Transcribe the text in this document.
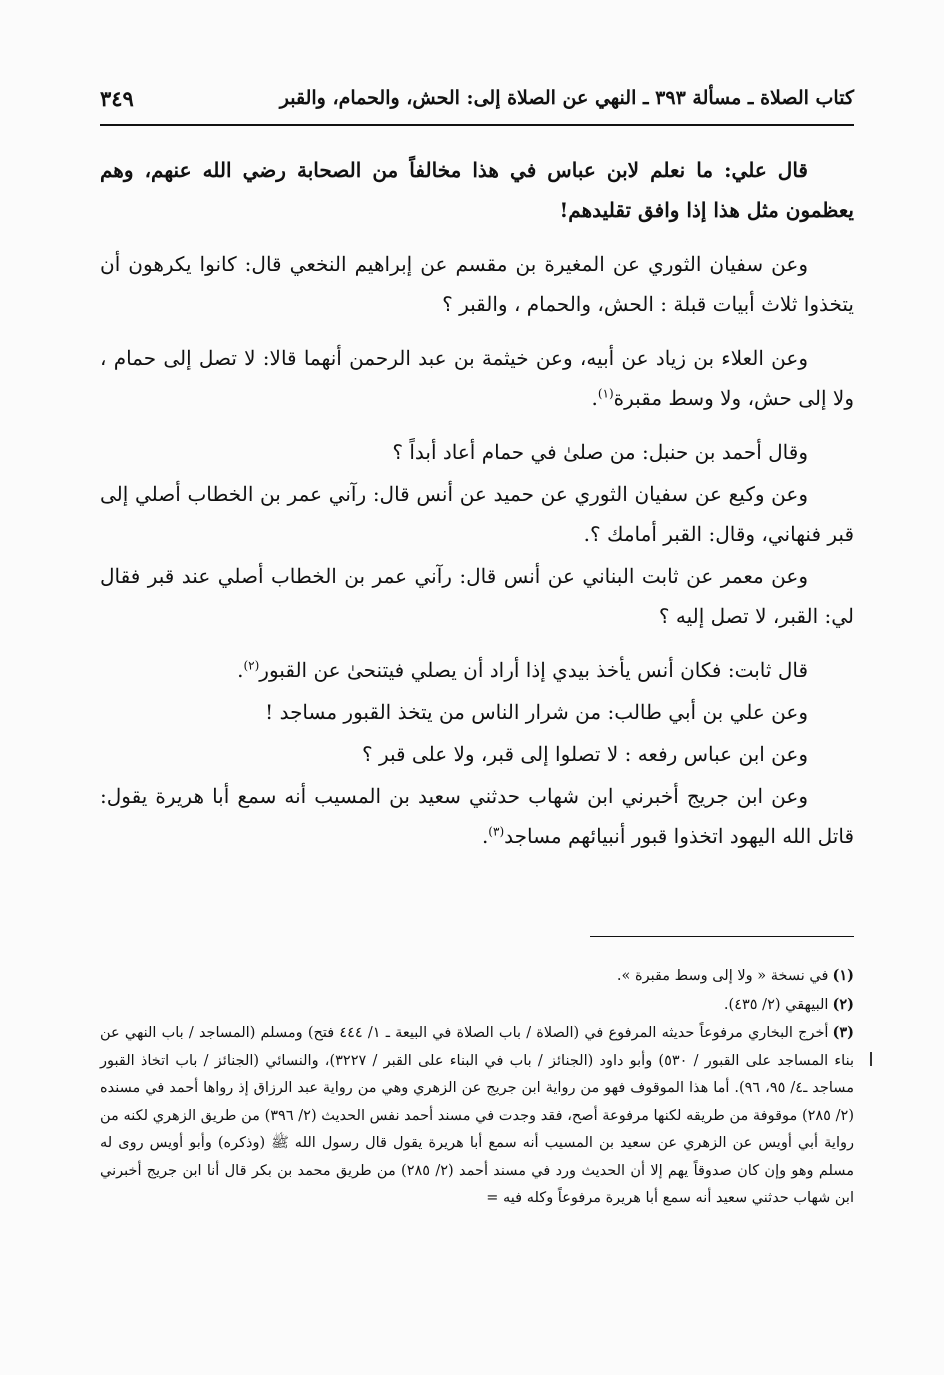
كتاب الصلاة ـ مسألة ٣٩٣ ـ النهي عن الصلاة إلى: الحش، والحمام، والقبر
٣٤٩

قال علي: ما نعلم لابن عباس في هذا مخالفاً من الصحابة رضي الله عنهم، وهم يعظمون مثل هذا إذا وافق تقليدهم!

وعن سفيان الثوري عن المغيرة بن مقسم عن إبراهيم النخعي قال: كانوا يكرهون أن يتخذوا ثلاث أبيات قبلة : الحش، والحمام ، والقبر ؟

وعن العلاء بن زياد عن أبيه، وعن خيثمة بن عبد الرحمن أنهما قالا: لا تصل إلى حمام ، ولا إلى حش، ولا وسط مقبرة$^{(١)}$.

وقال أحمد بن حنبل: من صلىٰ في حمام أعاد أبداً ؟

وعن وكيع عن سفيان الثوري عن حميد عن أنس قال: رآني عمر بن الخطاب أصلي إلى قبر فنهاني، وقال: القبر أمامك ؟.

وعن معمر عن ثابت البناني عن أنس قال: رآني عمر بن الخطاب أصلي عند قبر فقال لي: القبر، لا تصل إليه ؟

قال ثابت: فكان أنس يأخذ بيدي إذا أراد أن يصلي فيتنحىٰ عن القبور$^{(٢)}$.

وعن علي بن أبي طالب: من شرار الناس من يتخذ القبور مساجد !

وعن ابن عباس رفعه : لا تصلوا إلى قبر، ولا على قبر ؟

وعن ابن جريج أخبرني ابن شهاب حدثني سعيد بن المسيب أنه سمع أبا هريرة يقول: قاتل الله اليهود اتخذوا قبور أنبيائهم مساجد$^{(٣)}$.

(١)في نسخة « ولا إلى وسط مقبرة ».

(٢)البيهقي (٢/ ٤٣٥).

(٣)أخرج البخاري مرفوعاً حديثه المرفوع في (الصلاة / باب الصلاة في البيعة ـ ١/ ٤٤٤ فتح) ومسلم (المساجد / باب النهي عن بناء المساجد على القبور / ٥٣٠) وأبو داود (الجنائز / باب في البناء على القبر / ٣٢٢٧)، والنسائي (الجنائز / باب اتخاذ القبور مساجد ـ٤/ ٩٥، ٩٦). أما هذا الموقوف فهو من رواية ابن جريج عن الزهري وهي من رواية عبد الرزاق إذ رواها أحمد في مسنده (٢/ ٢٨٥) موقوفة من طريقه لكنها مرفوعة أصح، فقد وجدت في مسند أحمد نفس الحديث (٢/ ٣٩٦) من طريق الزهري لكنه من رواية أبي أويس عن الزهري عن سعيد بن المسيب أنه سمع أبا هريرة يقول قال رسول الله ﷺ (وذكره) وأبو أويس روى له مسلم وهو وإن كان صدوقاً يهم إلا أن الحديث ورد في مسند أحمد (٢/ ٢٨٥) من طريق محمد بن بكر قال أنا ابن جريج أخبرني ابن شهاب حدثني سعيد أنه سمع أبا هريرة مرفوعاً وكله فيه =
